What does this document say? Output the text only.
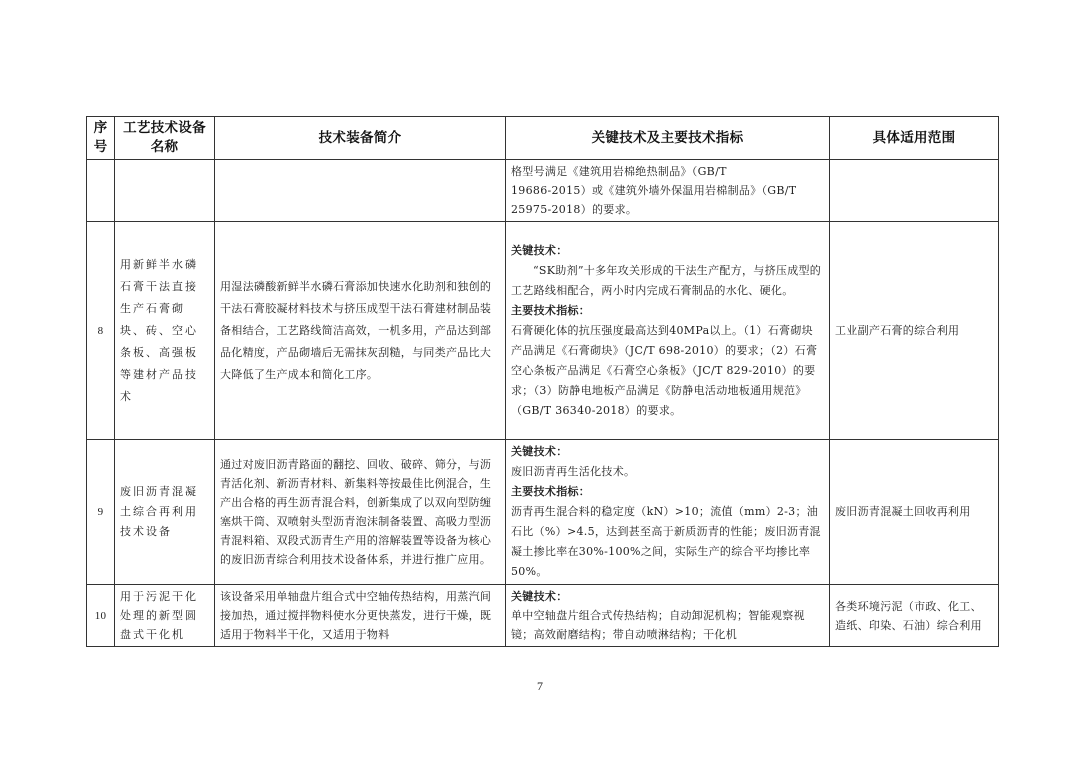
序号	工艺技术设备名称	技术装备简介	关键技术及主要技术指标	具体适用范围

			格型号满足《建筑用岩棉绝热制品》（GB/T
19686-2015）或《建筑外墙外保温用岩棉制品》（GB/T
25975-2018）的要求。	

8	用新鲜半水磷石膏干法直接生产石膏砌块、砖、空心条板、高强板等建材产品技术	用湿法磷酸新鲜半水磷石膏添加快速水化助剂和独创的干法石膏胶凝材料技术与挤压成型干法石膏建材制品装备相结合，工艺路线简洁高效，一机多用，产品达到部品化精度，产品砌墙后无需抹灰刮糙，与同类产品比大大降低了生产成本和简化工序。	关键技术：
“SK助剂”十多年攻关形成的干法生产配方，与挤压成型的工艺路线相配合，两小时内完成石膏制品的水化、硬化。
主要技术指标：
石膏硬化体的抗压强度最高达到40MPa以上。（1）石膏砌块产品满足《石膏砌块》（JC/T 698-2010）的要求；（2）石膏空心条板产品满足《石膏空心条板》（JC/T 829-2010）的要求；（3）防静电地板产品满足《防静电活动地板通用规范》（GB/T 36340-2018）的要求。	工业副产石膏的综合利用
9	废旧沥青混凝土综合再利用技术设备	通过对废旧沥青路面的翻挖、回收、破碎、筛分，与沥青活化剂、新沥青材料、新集料等按最佳比例混合，生产出合格的再生沥青混合料，创新集成了以双向型防缠塞烘干筒、双喷射头型沥青泡沫制备装置、高吸力型沥青混料箱、双段式沥青生产用的溶解装置等设备为核心的废旧沥青综合利用技术设备体系，并进行推广应用。	关键技术：
废旧沥青再生活化技术。
主要技术指标：
沥青再生混合料的稳定度（kN）>10；流值（mm）2-3；油石比（%）>4.5，达到甚至高于新质沥青的性能；废旧沥青混凝土掺比率在30%-100%之间，实际生产的综合平均掺比率50%。	废旧沥青混凝土回收再利用
10	用于污泥干化处理的新型圆盘式干化机	该设备采用单轴盘片组合式中空轴传热结构，用蒸汽间接加热，通过搅拌物料使水分更快蒸发，进行干燥，既适用于物料半干化，又适用于物料	关键技术：
单中空轴盘片组合式传热结构；自动卸泥机构；智能观察视镜；高效耐磨结构；带自动喷淋结构；干化机	各类环境污泥（市政、化工、造纸、印染、石油）综合利用
7
